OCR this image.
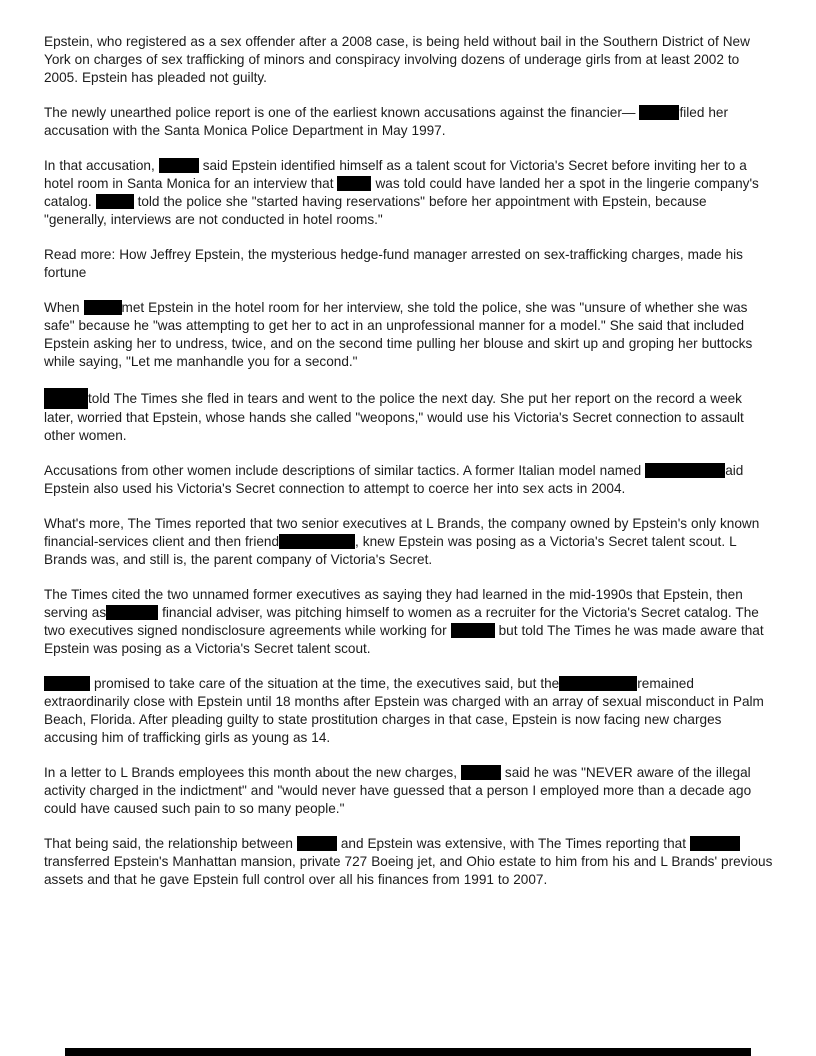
Epstein, who registered as a sex offender after a 2008 case, is being held without bail in the Southern District of New York on charges of sex trafficking of minors and conspiracy involving dozens of underage girls from at least 2002 to 2005. Epstein has pleaded not guilty.

The newly unearthed police report is one of the earliest known accusations against the financier—	filed her accusation with the Santa Monica Police Department in May 1997.

In that accusation,	said Epstein identified himself as a talent scout for Victoria's Secret before inviting her to a hotel room in Santa Monica for an interview that	was told could have landed her a spot in the lingerie company's catalog.	told the police she "started having reservations" before her appointment with Epstein, because "generally, interviews are not conducted in hotel rooms."

Read more: How Jeffrey Epstein, the mysterious hedge-fund manager arrested on sex-trafficking charges, made his fortune

When	met Epstein in the hotel room for her interview, she told the police, she was "unsure of whether she was safe" because he "was attempting to get her to act in an unprofessional manner for a model." She said that included Epstein asking her to undress, twice, and on the second time pulling her blouse and skirt up and groping her buttocks while saying, "Let me manhandle you for a second."

told The Times she fled in tears and went to the police the next day. She put her report on the record a week later, worried that Epstein, whose hands she called "weopons," would use his Victoria's Secret connection to assault other women.

Accusations from other women include descriptions of similar tactics. A former Italian model named	aid Epstein also used his Victoria's Secret connection to attempt to coerce her into sex acts in 2004.

What's more, The Times reported that two senior executives at L Brands, the company owned by Epstein's only known financial-services client and then friend	, knew Epstein was posing as a Victoria's Secret talent scout. L Brands was, and still is, the parent company of Victoria's Secret.

The Times cited the two unnamed former executives as saying they had learned in the mid-1990s that Epstein, then serving as	financial adviser, was pitching himself to women as a recruiter for the Victoria's Secret catalog. The two executives signed nondisclosure agreements while working for	but told The Times he was made aware that Epstein was posing as a Victoria's Secret talent scout.

promised to take care of the situation at the time, the executives said, but the	remained extraordinarily close with Epstein until 18 months after Epstein was charged with an array of sexual misconduct in Palm Beach, Florida. After pleading guilty to state prostitution charges in that case, Epstein is now facing new charges accusing him of trafficking girls as young as 14.

In a letter to L Brands employees this month about the new charges,	said he was "NEVER aware of the illegal activity charged in the indictment" and "would never have guessed that a person I employed more than a decade ago could have caused such pain to so many people."

That being said, the relationship between	and Epstein was extensive, with The Times reporting that  transferred Epstein's Manhattan mansion, private 727 Boeing jet, and Ohio estate to him from his and L Brands' previous assets and that he gave Epstein full control over all his finances from 1991 to 2007.
